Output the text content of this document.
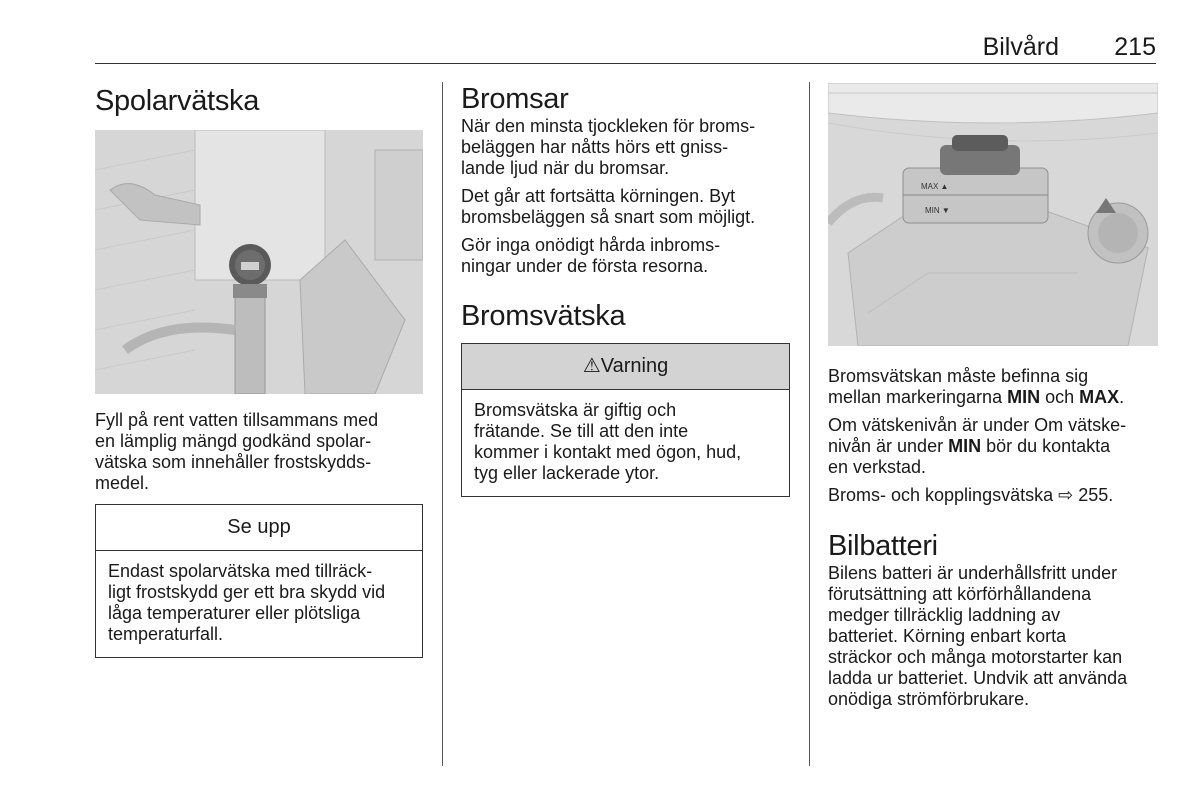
Bilvård 215
Spolarvätska

Fyll på rent vatten tillsammans med
en lämplig mängd godkänd spolar-
vätska som innehåller frostskydds-
medel.

Se upp
Endast spolarvätska med tillräck-
ligt frostskydd ger ett bra skydd vid
låga temperaturer eller plötsliga
temperaturfall.
Bromsar

När den minsta tjockleken för broms-
beläggen har nåtts hörs ett gniss-
lande ljud när du bromsar.

Det går att fortsätta körningen. Byt
bromsbeläggen så snart som möjligt.

Gör inga onödigt hårda inbroms-
ningar under de första resorna.

Bromsvätska
⚠Varning
Bromsvätska är giftig och
frätande. Se till att den inte
kommer i kontakt med ögon, hud,
tyg eller lackerade ytor.
MAX ▲
MIN ▼

Bromsvätskan måste befinna sig
mellan markeringarna MIN och MAX.

Om vätskenivån är under Om vätske-
nivån är under MIN bör du kontakta
en verkstad.

Broms- och kopplingsvätska ⇨ 255.

Bilbatteri

Bilens batteri är underhållsfritt under
förutsättning att körförhållandena
medger tillräcklig laddning av
batteriet. Körning enbart korta
sträckor och många motorstarter kan
ladda ur batteriet. Undvik att använda
onödiga strömförbrukare.
